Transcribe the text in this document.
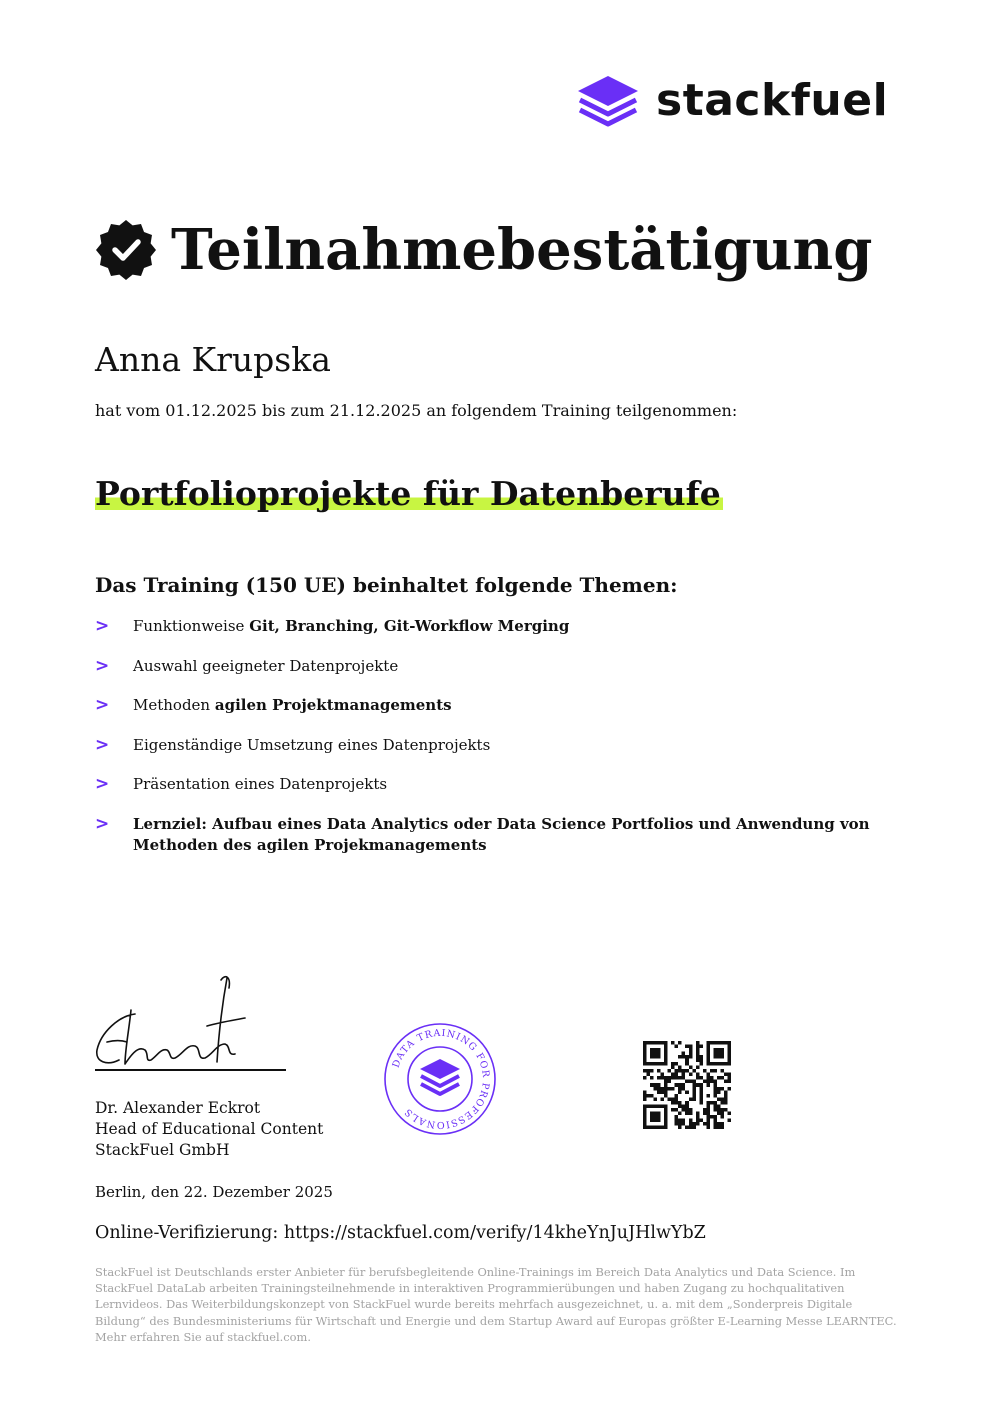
stackfuel
Teilnahmebestätigung

Anna Krupska

hat vom 01.12.2025 bis zum 21.12.2025 an folgendem Training teilgenommen:

Portfolioprojekte für Datenberufe
Das Training (150 UE) beinhaltet folgende Themen:
> Funktionweise Git, Branching, Git-Workflow Merging
> Auswahl geeigneter Datenprojekte
> Methoden agilen Projektmanagements
> Eigenständige Umsetzung eines Datenprojekts
> Präsentation eines Datenprojekts
> Lernziel: Aufbau eines Data Analytics oder Data Science Portfolios und Anwendung von Methoden des agilen Projekmanagements
Dr. Alexander Eckrot
Head of Educational Content
StackFuel GmbH
DATA TRAINING FOR PROFESSIONALS

Berlin, den 22. Dezember 2025

Online-Verifizierung: https://stackfuel.com/verify/14kheYnJuJHlwYbZ

StackFuel ist Deutschlands erster Anbieter für berufsbegleitende Online-Trainings im Bereich Data Analytics und Data Science. Im StackFuel DataLab arbeiten Trainingsteilnehmende in interaktiven Programmierübungen und haben Zugang zu hochqualitativen Lernvideos. Das Weiterbildungskonzept von StackFuel wurde bereits mehrfach ausgezeichnet, u. a. mit dem „Sonderpreis Digitale Bildung“ des Bundesministeriums für Wirtschaft und Energie und dem Startup Award auf Europas größter E-Learning Messe LEARNTEC. Mehr erfahren Sie auf stackfuel.com.
